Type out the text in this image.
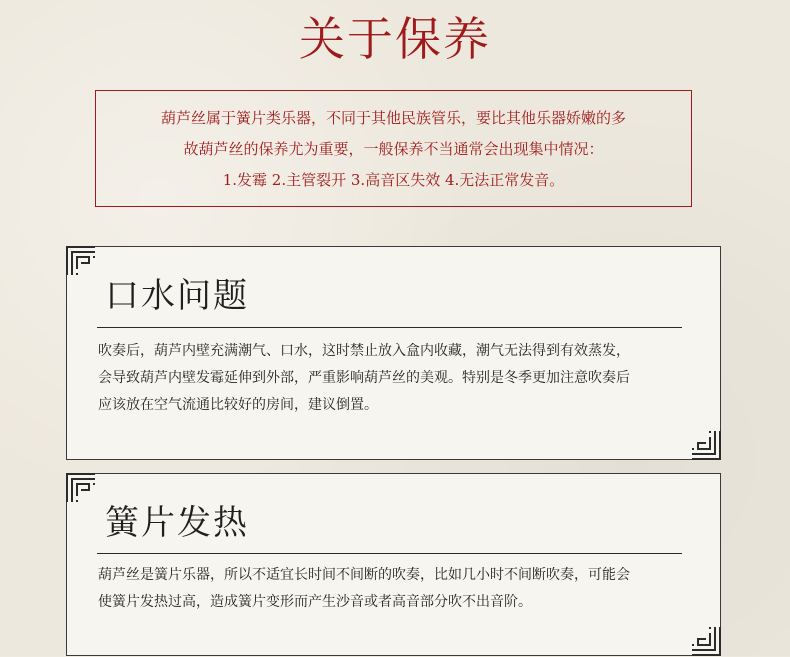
关于保养
葫芦丝属于簧片类乐器，不同于其他民族管乐，要比其他乐器娇嫩的多
故葫芦丝的保养尤为重要，一般保养不当通常会出现集中情况：
1.发霉 2.主管裂开 3.高音区失效 4.无法正常发音。
口水问题
吹奏后，葫芦内壁充满潮气、口水，这时禁止放入盒内收藏，潮气无法得到有效蒸发，
会导致葫芦内壁发霉延伸到外部，严重影响葫芦丝的美观。特别是冬季更加注意吹奏后
应该放在空气流通比较好的房间，建议倒置。
簧片发热
葫芦丝是簧片乐器，所以不适宜长时间不间断的吹奏，比如几小时不间断吹奏，可能会
使簧片发热过高，造成簧片变形而产生沙音或者高音部分吹不出音阶。
